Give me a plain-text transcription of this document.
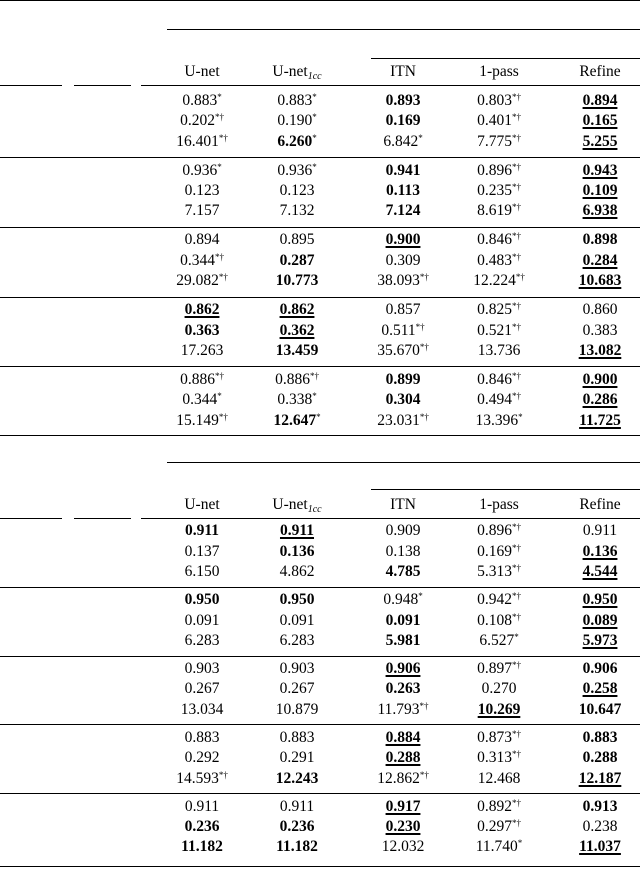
U-net	U-net$_{1cc}$	ITN	1-pass	Refine
0.883*	0.883*	0.893	0.803*†	0.894
0.202*†	0.190*	0.169	0.401*†	0.165
16.401*†	6.260*	6.842*	7.775*†	5.255
0.936*	0.936*	0.941	0.896*†	0.943
0.123	0.123	0.113	0.235*†	0.109
7.157	7.132	7.124	8.619*†	6.938
0.894	0.895	0.900	0.846*†	0.898
0.344*†	0.287	0.309	0.483*†	0.284
29.082*†	10.773	38.093*†	12.224*†	10.683
0.862	0.862	0.857	0.825*†	0.860
0.363	0.362	0.511*†	0.521*†	0.383
17.263	13.459	35.670*†	13.736	13.082
0.886*†	0.886*†	0.899	0.846*†	0.900
0.344*	0.338*	0.304	0.494*†	0.286
15.149*†	12.647*	23.031*†	13.396*	11.725
U-net	U-net$_{1cc}$	ITN	1-pass	Refine
0.911	0.911	0.909	0.896*†	0.911
0.137	0.136	0.138	0.169*†	0.136
6.150	4.862	4.785	5.313*†	4.544
0.950	0.950	0.948*	0.942*†	0.950
0.091	0.091	0.091	0.108*†	0.089
6.283	6.283	5.981	6.527*	5.973
0.903	0.903	0.906	0.897*†	0.906
0.267	0.267	0.263	0.270	0.258
13.034	10.879	11.793*†	10.269	10.647
0.883	0.883	0.884	0.873*†	0.883
0.292	0.291	0.288	0.313*†	0.288
14.593*†	12.243	12.862*†	12.468	12.187
0.911	0.911	0.917	0.892*†	0.913
0.236	0.236	0.230	0.297*†	0.238
11.182	11.182	12.032	11.740*	11.037
